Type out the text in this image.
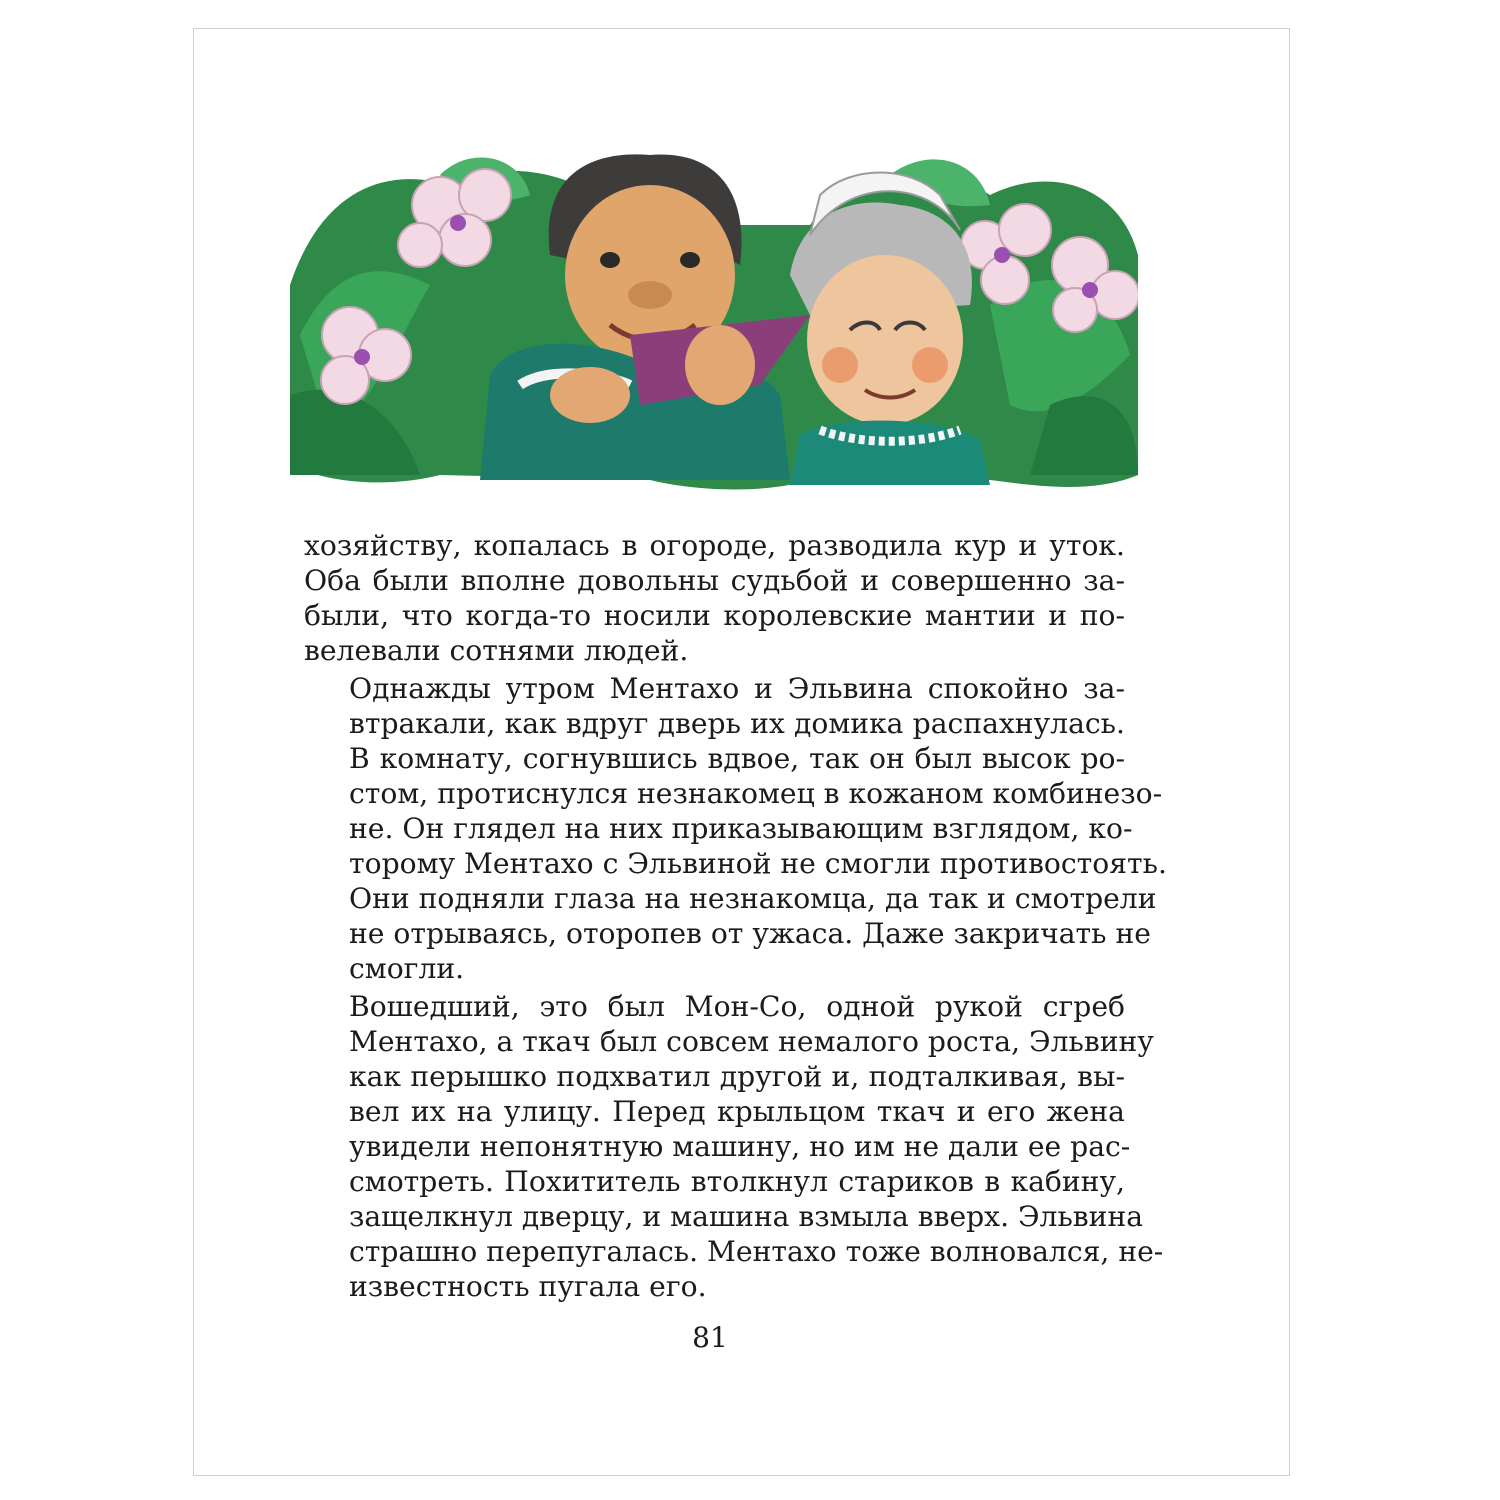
хозяйству, копалась в огороде, разводила кур и уток.
Оба были вполне довольны судьбой и совершенно за-
были, что когда-то носили королевские мантии и по-
велевали сотнями людей.

Однажды утром Ментахо и Эльвина спокойно за-
втракали, как вдруг дверь их домика распахнулась.
В комнату, согнувшись вдвое, так он был высок ро-
стом, протиснулся незнакомец в кожаном комбинезо-
не. Он глядел на них приказывающим взглядом, ко-
торому Ментахо с Эльвиной не смогли противостоять.
Они подняли глаза на незнакомца, да так и смотрели
не отрываясь, оторопев от ужаса. Даже закричать не
смогли.

Вошедший, это был Мон-Со, одной рукой сгреб
Ментахо, а ткач был совсем немалого роста, Эльвину
как перышко подхватил другой и, подталкивая, вы-
вел их на улицу. Перед крыльцом ткач и его жена
увидели непонятную машину, но им не дали ее рас-
смотреть. Похититель втолкнул стариков в кабину,
защелкнул дверцу, и машина взмыла вверх. Эльвина
страшно перепугалась. Ментахо тоже волновался, не-
известность пугала его.

81
